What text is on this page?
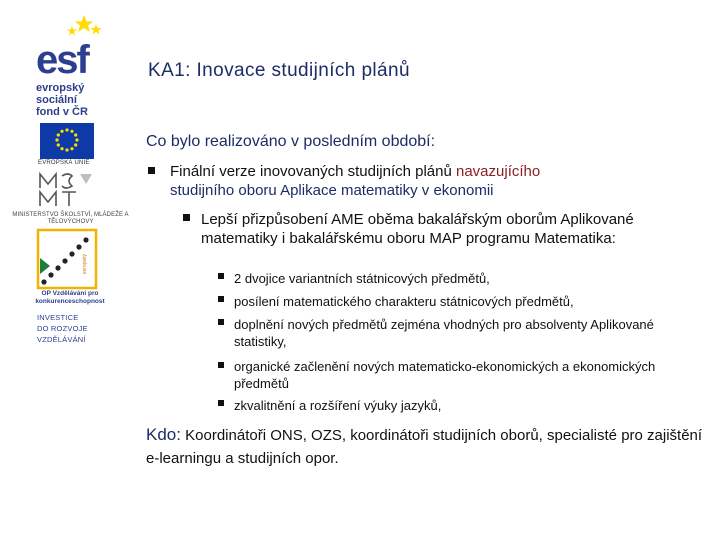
esf
evropský
sociální
fond v ČR
EVROPSKÁ UNIE
MINISTERSTVO ŠKOLSTVÍ, MLÁDEŽE A TĚLOVÝCHOVY
evropský
OP Vzdělávání pro konkurenceschopnost
INVESTICE
DO ROZVOJE
VZDĚLÁVÁNÍ
KA1: Inovace studijních plánů
Co bylo realizováno v posledním období:
Finální verze inovovaných studijních plánů navazujícího
studijního oboru Aplikace matematiky v ekonomii
Lepší přizpůsobení AME oběma bakalářským oborům Aplikované matematiky i bakalářskému oboru MAP programu Matematika:
2 dvojice variantních státnicových předmětů,
posílení matematického charakteru státnicových předmětů,
doplnění nových předmětů zejména vhodných pro absolventy Aplikované statistiky,
organické začlenění nových matematicko-ekonomických a ekonomických předmětů
zkvalitnění a rozšíření výuky jazyků,
Kdo: Koordinátoři ONS, OZS, koordinátoři studijních oborů, specialisté pro zajištění e-learningu a studijních opor.
